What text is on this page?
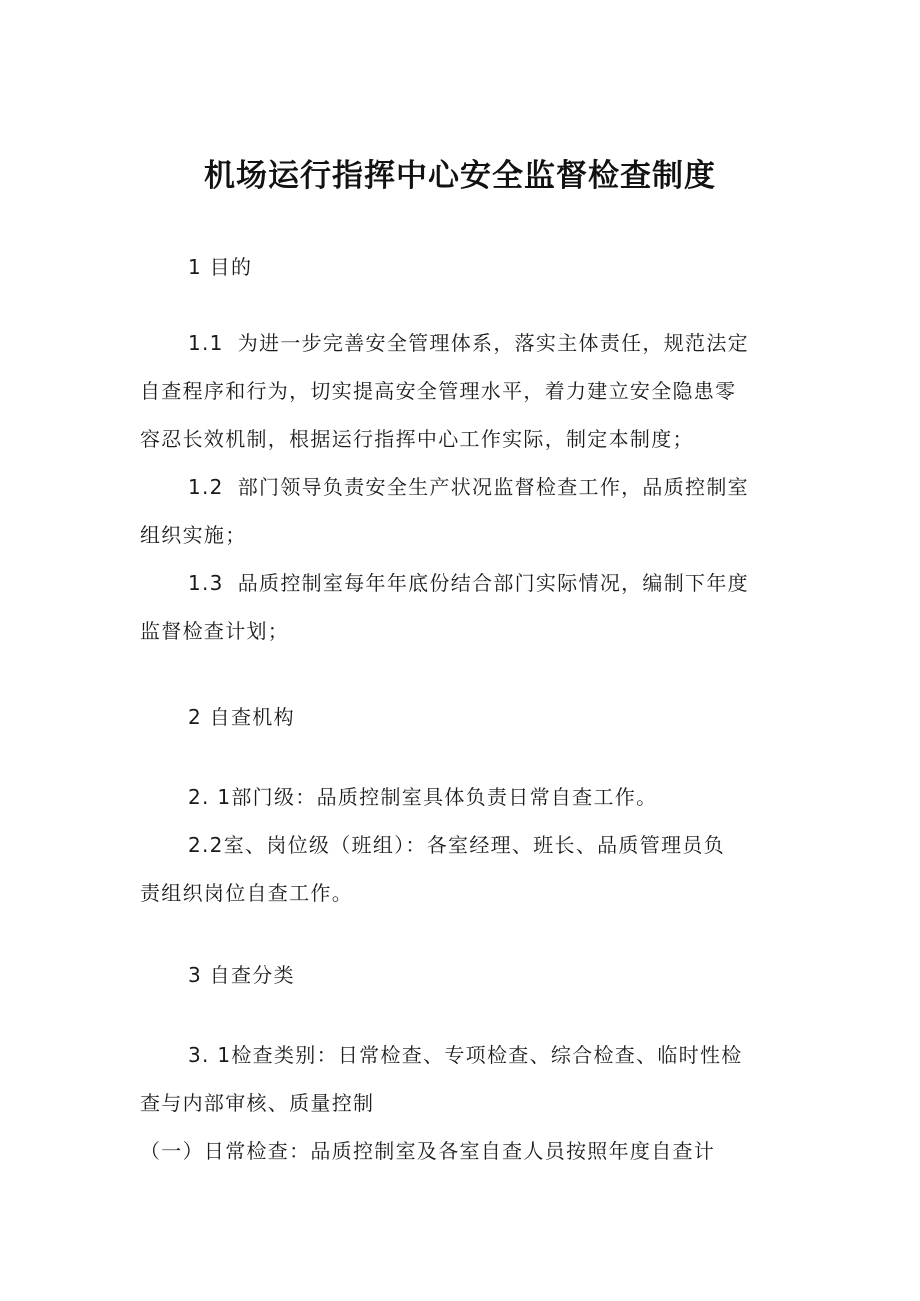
机场运行指挥中心安全监督检查制度
1 目的
1.1 为进一步完善安全管理体系，落实主体责任，规范法定
自查程序和行为，切实提高安全管理水平，着力建立安全隐患零
容忍长效机制，根据运行指挥中心工作实际，制定本制度；
1.2 部门领导负责安全生产状况监督检查工作，品质控制室
组织实施；
1.3 品质控制室每年年底份结合部门实际情况，编制下年度
监督检查计划；
2 自查机构
2. 1部门级：品质控制室具体负责日常自查工作。
2.2室、岗位级（班组）：各室经理、班长、品质管理员负
责组织岗位自查工作。
3 自查分类
3. 1检查类别：日常检查、专项检查、综合检查、临时性检
查与内部审核、质量控制
（一）日常检查：品质控制室及各室自查人员按照年度自查计
